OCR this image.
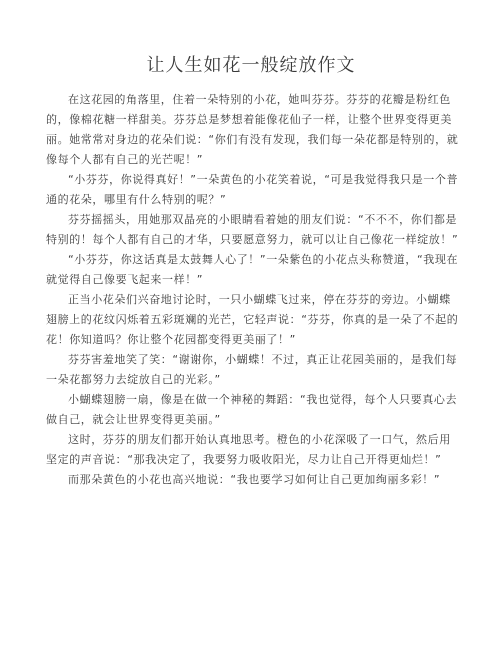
让人生如花一般绽放作文

在这花园的角落里，住着一朵特别的小花，她叫芬芬。芬芬的花瓣是粉红色的，像棉花糖一样甜美。芬芬总是梦想着能像花仙子一样，让整个世界变得更美丽。她常常对身边的花朵们说：“你们有没有发现，我们每一朵花都是特别的，就像每个人都有自己的光芒呢！”

“小芬芬，你说得真好！”一朵黄色的小花笑着说，“可是我觉得我只是一个普通的花朵，哪里有什么特别的呢？”

芬芬摇摇头，用她那双晶亮的小眼睛看着她的朋友们说：“不不不，你们都是特别的！每个人都有自己的才华，只要愿意努力，就可以让自己像花一样绽放！”

“小芬芬，你这话真是太鼓舞人心了！”一朵紫色的小花点头称赞道，“我现在就觉得自己像要飞起来一样！”

正当小花朵们兴奋地讨论时，一只小蝴蝶飞过来，停在芬芬的旁边。小蝴蝶翅膀上的花纹闪烁着五彩斑斓的光芒，它轻声说：“芬芬，你真的是一朵了不起的花！你知道吗？你让整个花园都变得更美丽了！”

芬芬害羞地笑了笑：“谢谢你，小蝴蝶！不过，真正让花园美丽的，是我们每一朵花都努力去绽放自己的光彩。”

小蝴蝶翅膀一扇，像是在做一个神秘的舞蹈：“我也觉得，每个人只要真心去做自己，就会让世界变得更美丽。”

这时，芬芬的朋友们都开始认真地思考。橙色的小花深吸了一口气，然后用坚定的声音说：“那我决定了，我要努力吸收阳光，尽力让自己开得更灿烂！”

而那朵黄色的小花也高兴地说：“我也要学习如何让自己更加绚丽多彩！”
